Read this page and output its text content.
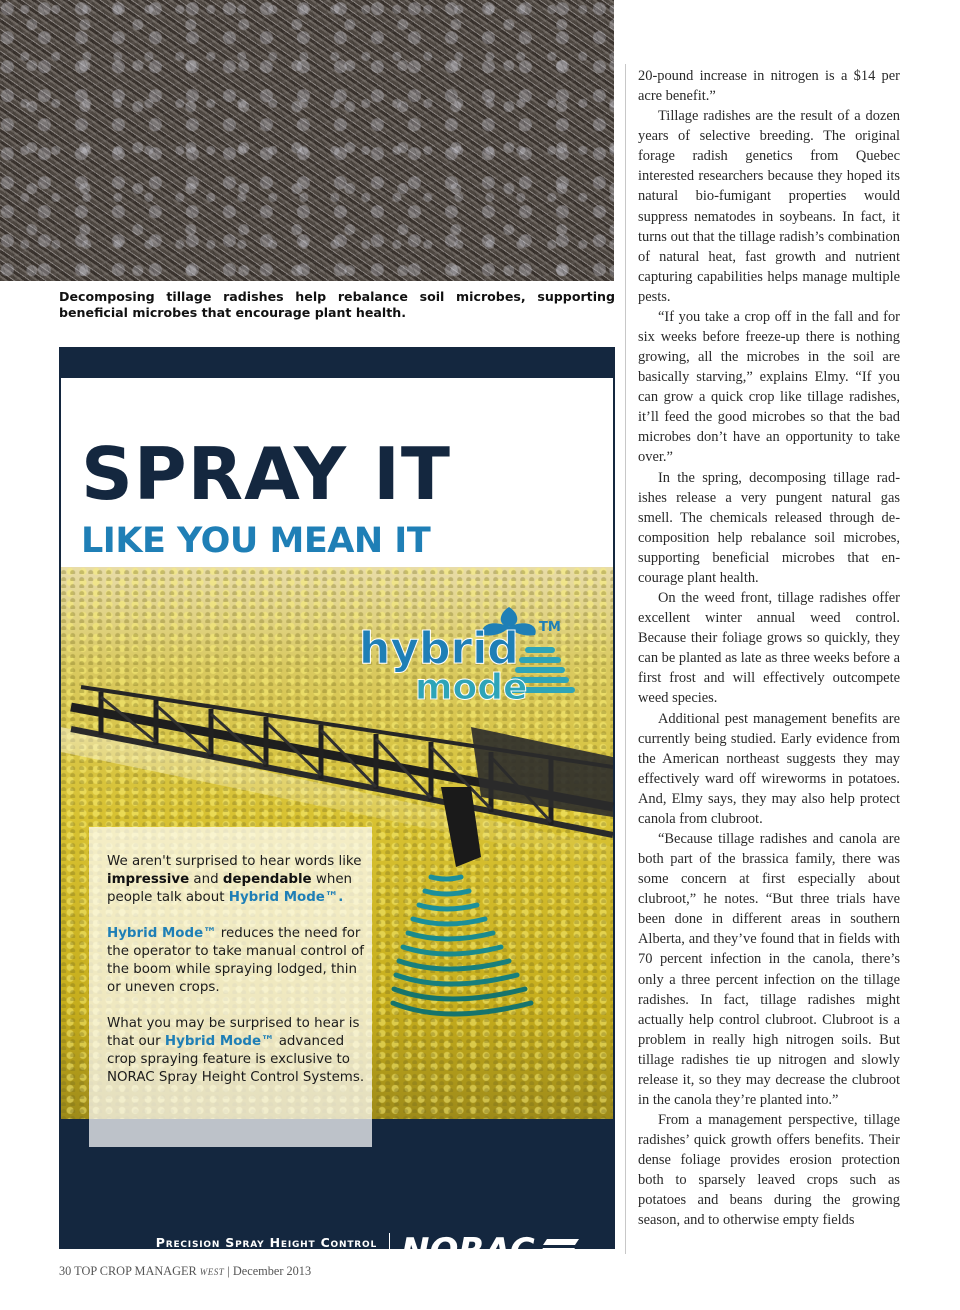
Decomposing tillage radishes help rebalance soil microbes, supporting beneficial microbes that encourage plant health.
SPRAY IT
LIKE YOU MEAN IT
hybrid
mode
TM

We aren't surprised to hear words like impressive and dependable when people talk about Hybrid Mode™.

Hybrid Mode™ reduces the need for the operator to take manual control of the boom while spraying lodged, thin or uneven crops.

What you may be surprised to hear is that our Hybrid Mode™ advanced crop spraying feature is exclusive to NORAC Spray Height Control Systems.

Precision Spray Height Control
www.norac.ca NORAC

20-pound increase in nitrogen is a $14 per acre benefit.”

Tillage radishes are the result of a dozen years of selective breeding. The original forage radish genetics from Quebec interested researchers because they hoped its natural bio-fumigant properties would suppress nematodes in soybeans. In fact, it turns out that the tillage radish’s combination of natural heat, fast growth and nutrient capturing capabilities helps manage multiple pests.

“If you take a crop off in the fall and for six weeks before freeze-up there is nothing growing, all the microbes in the soil are basically starving,” explains Elmy. “If you can grow a quick crop like tillage radishes, it’ll feed the good microbes so that the bad microbes don’t have an opportunity to take over.”

In the spring, decomposing tillage radishes release a very pungent natural gas smell. The chemicals released through decomposition help rebalance soil microbes, supporting beneficial microbes that encourage plant health.

On the weed front, tillage radishes offer excellent winter annual weed control. Because their foliage grows so quickly, they can be planted as late as three weeks before a first frost and will effectively outcompete weed species.

Additional pest management benefits are currently being studied. Early evidence from the American northeast suggests they may effectively ward off wireworms in potatoes. And, Elmy says, they may also help protect canola from clubroot.

“Because tillage radishes and canola are both part of the brassica family, there was some concern at first especially about clubroot,” he notes. “But three trials have been done in different areas in southern Alberta, and they’ve found that in fields with 70 percent infection in the canola, there’s only a three percent infection on the tillage radishes. In fact, tillage radishes might actually help control clubroot. Clubroot is a problem in really high nitrogen soils. But tillage radishes tie up nitrogen and slowly release it, so they may decrease the clubroot in the canola they’re planted into.”

From a management perspective, tillage radishes’ quick growth offers benefits. Their dense foliage provides erosion protection both to sparsely leaved crops such as potatoes and beans during the growing season, and to otherwise empty fields

30 TOP CROP MANAGER WEST | December 2013
